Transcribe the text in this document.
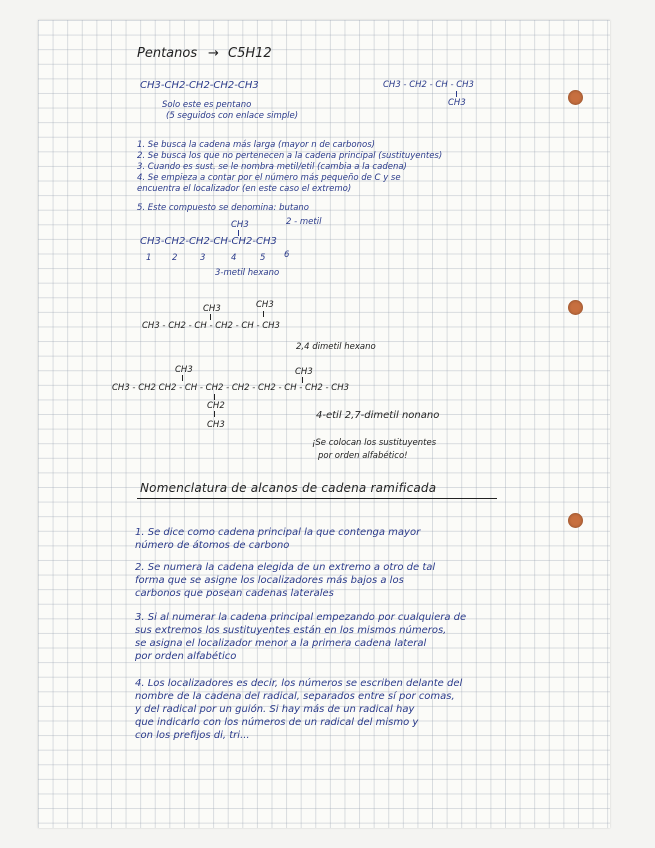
Pentanos → C5H12
CH3-CH2-CH2-CH2-CH3
Solo este es pentano
(5 seguidos con enlace simple)
CH3 - CH2 - CH - CH3
CH3
1. Se busca la cadena más larga (mayor n de carbonos)
2. Se busca los que no pertenecen a la cadena principal (sustituyentes)
3. Cuando es sust. se le nombra metil/etil (cambia a la cadena)
4. Se empieza a contar por el número más pequeño de C y se
encuentra el localizador (en este caso el extremo)
5. Este compuesto se denomina: butano
CH3	2 - metil
CH3-CH2-CH2-CH-CH2-CH3
1 2	3	4	5 6
3-metil hexano
CH3	CH3
CH3 - CH2 - CH - CH2 - CH - CH3
2,4 dimetil hexano
CH3	CH3
CH3 - CH2 CH2 - CH - CH2 - CH2 - CH2 - CH - CH2 - CH3
CH2
CH3
4-etil 2,7-dimetil nonano
¡Se colocan los sustituyentes
por orden alfabético!
Nomenclatura de alcanos de cadena ramificada
1. Se dice como cadena principal la que contenga mayor
número de átomos de carbono
2. Se numera la cadena elegida de un extremo a otro de tal
forma que se asigne los localizadores más bajos a los
carbonos que posean cadenas laterales
3. Si al numerar la cadena principal empezando por cualquiera de
sus extremos los sustituyentes están en los mismos números,
se asigna el localizador menor a la primera cadena lateral
por orden alfabético
4. Los localizadores es decir, los números se escriben delante del
nombre de la cadena del radical, separados entre sí por comas,
y del radical por un guión. Si hay más de un radical hay
que indicarlo con los números de un radical del mismo y
con los prefijos di, tri...
